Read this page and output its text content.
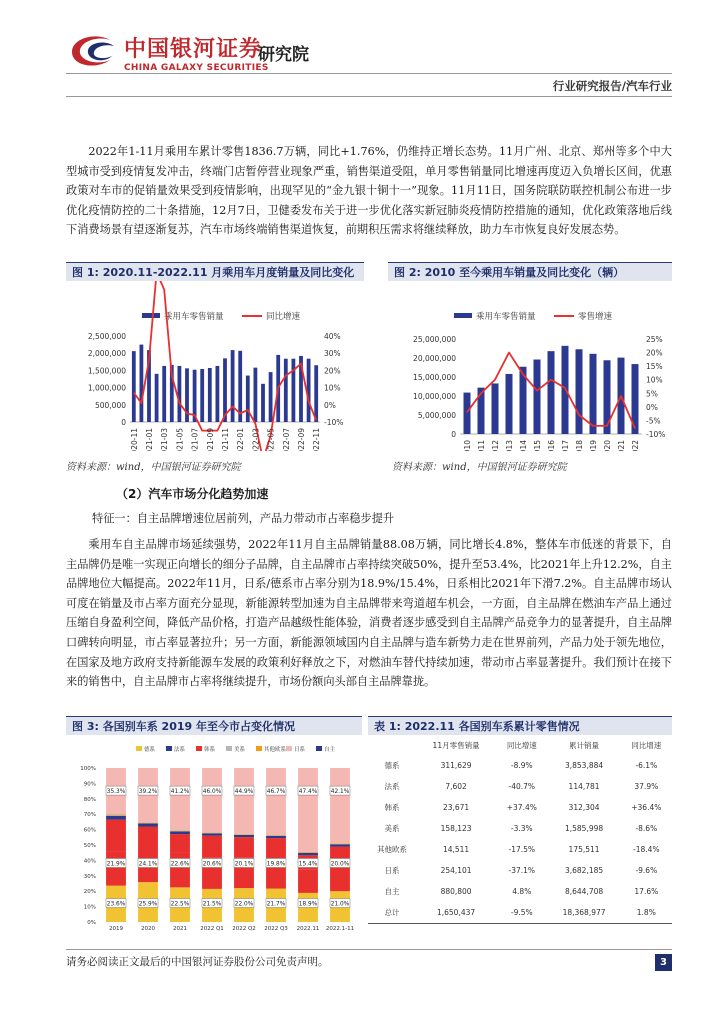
中国银河证券
CHINA GALAXY SECURITIES
研究院
行业研究报告/汽车行业

2022年1-11月乘用车累计零售1836.7万辆，同比+1.76%，仍维持正增长态势。11月广州、北京、郑州等多个中大型城市受到疫情复发冲击，终端门店暂停营业现象严重，销售渠道受阻，单月零售销量同比增速再度迈入负增长区间，优惠政策对车市的促销量效果受到疫情影响，出现罕见的“金九银十铜十一”现象。11月11日，国务院联防联控机制公布进一步优化疫情防控的二十条措施，12月7日，卫健委发布关于进一步优化落实新冠肺炎疫情防控措施的通知，优化政策落地后线下消费场景有望逐渐复苏，汽车市场终端销售渠道恢复，前期积压需求将继续释放，助力车市恢复良好发展态势。

图 1: 2020.11-2022.11 月乘用车月度销量及同比变化
乘用车零售销量	同比增速
0
500,000
1,000,000
1,500,000
2,000,000
2,500,000
-10%
0%
10%
20%
30%
40%
2020-11 2021-01 2021-03 2021-05 2021-07 2021-09 2021-11 2022-01 2022-03 2022-05 2022-07 2022-09 2022-11
资料来源：wind，中国银河证券研究院
图 2: 2010 至今乘用车销量及同比变化（辆）
乘用车零售销量	零售增速
0
5,000,000
10,000,000
15,000,000
20,000,000
25,000,000
-10%
-5%
0%
5%
10%
15%
20%
25%
2010 2011 2012 2013 2014 2015 2016 2017 2018 2019 2020 2021 2022
资料来源：wind，中国银河证券研究院
（2）汽车市场分化趋势加速
特征一：自主品牌增速位居前列，产品力带动市占率稳步提升

乘用车自主品牌市场延续强势，2022年11月自主品牌销量88.08万辆，同比增长4.8%，整体车市低迷的背景下，自主品牌仍是唯一实现正向增长的细分子品牌，自主品牌市占率持续突破50%，提升至53.4%，比2021年上升12.2%，自主品牌地位大幅提高。2022年11月，日系/德系市占率分别为18.9%/15.4%，日系相比2021年下滑7.2%。自主品牌市场认可度在销量及市占率方面充分显现，新能源转型加速为自主品牌带来弯道超车机会，一方面，自主品牌在燃油车产品上通过压缩自身盈利空间，降低产品价格，打造产品越级性能体验，消费者逐步感受到自主品牌产品竞争力的显著提升，自主品牌口碑转向明显，市占率显著拉升；另一方面，新能源领域国内自主品牌与造车新势力走在世界前列，产品力处于领先地位，在国家及地方政府支持新能源车发展的政策利好释放之下，对燃油车替代持续加速，带动市占率显著提升。我们预计在接下来的销售中，自主品牌市占率将继续提升，市场份额向头部自主品牌靠拢。

图 3: 各国别车系 2019 年至今市占变化情况
德系	法系	韩系	美系	其他欧系 日系	自主
0%
10%
20%
30%
40%
50%
60%
70%
80%
90%
100%
23.6%
21.9%
35.3%
2019
25.9%
24.1%
39.2%
2020
22.5%
22.6%
41.2%
2021
21.5%
20.6%
46.0%
2022 Q1
22.0%
20.1%
44.9%
2022 Q2
21.7%
19.8%
46.7%
2022 Q3
18.9%
15.4%
47.4%
2022.11
21.0%
20.0%
42.1%
2022.1-11
表 1: 2022.11 各国别车系累计零售情况
	11月零售销量	同比增速	累计销量	同比增速
德系	311,629	-8.9%	3,853,884	-6.1%
法系	7,602	-40.7%	114,781	37.9%
韩系	23,671	+37.4%	312,304	+36.4%
美系	158,123	-3.3%	1,585,998	-8.6%
其他欧系	14,511	-17.5%	175,511	-18.4%
日系	254,101	-37.1%	3,682,185	-9.6%
自主	880,800	4.8%	8,644,708	17.6%
总计	1,650,437	-9.5%	18,368,977	1.8%
请务必阅读正文最后的中国银河证券股份公司免责声明。	3
